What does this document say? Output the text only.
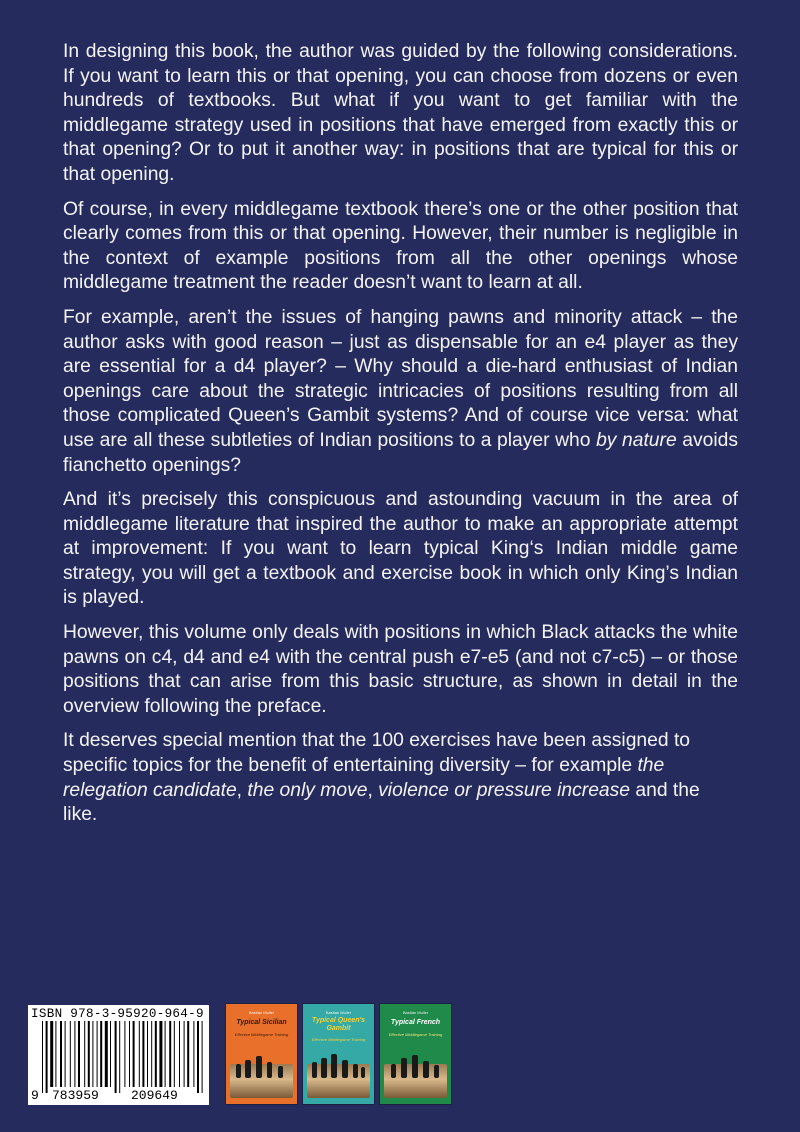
In designing this book, the author was guided by the following considerations. If you want to learn this or that opening, you can choose from dozens or even hundreds of textbooks. But what if you want to get familiar with the middlegame strategy used in positions that have emerged from exactly this or that opening? Or to put it another way: in positions that are typical for this or that opening.

Of course, in every middlegame textbook there’s one or the other position that clearly comes from this or that opening. However, their number is negligible in the context of example positions from all the other openings whose middlegame treatment the reader doesn’t want to learn at all.

For example, aren’t the issues of hanging pawns and minority attack – the author asks with good reason – just as dispensable for an e4 player as they are essential for a d4 player? – Why should a die-hard enthusiast of Indian openings care about the strategic intricacies of positions resulting from all those complicated Queen’s Gambit systems? And of course vice versa: what use are all these subtleties of Indian positions to a player who by nature avoids fianchetto openings?

And it’s precisely this conspicuous and astounding vacuum in the area of middlegame literature that inspired the author to make an appropriate attempt at improvement: If you want to learn typical King‘s Indian middle game strategy, you will get a textbook and exercise book in which only King’s Indian is played.

However, this volume only deals with positions in which Black attacks the white pawns on c4, d4 and e4 with the central push e7-e5 (and not c7-c5) – or those positions that can arise from this basic structure, as shown in detail in the overview following the preface.

It deserves special mention that the 100 exercises have been assigned to specific topics for the benefit of entertaining diversity – for example the relegation candidate, the only move, violence or pressure increase and the like.

ISBN 978-3-95920-964-9
9 783959 209649
Bastian Muller
Typical Sicilian
Effective Middlegame Training
Bastian Muller
Typical Queen's Gambit
Effective Middlegame Training
Bastian Muller
Typical French
Effective Middlegame Training
